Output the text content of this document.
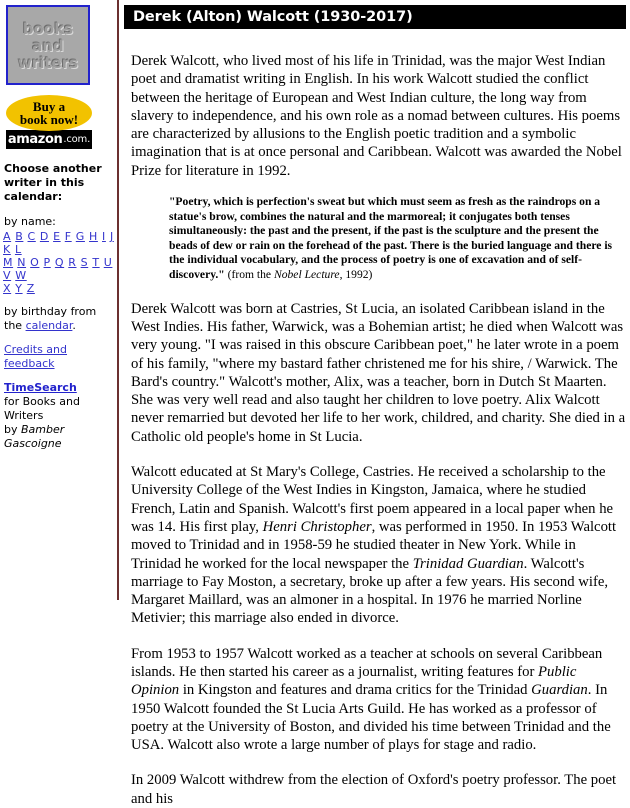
books
and
writers
Buy a
book now!
amazon .com.
Choose another writer in this calendar:
by name:
A B C D E F G H I J K L
M N O P Q R S T U V W
X Y Z
by birthday from the calendar.
Credits and feedback
TimeSearch
for Books and Writers
by Bamber Gascoigne
Derek (Alton) Walcott (1930-2017)

Derek Walcott, who lived most of his life in Trinidad, was the major West Indian poet and dramatist writing in English. In his work Walcott studied the conflict between the heritage of European and West Indian culture, the long way from slavery to independence, and his own role as a nomad between cultures. His poems are characterized by allusions to the English poetic tradition and a symbolic imagination that is at once personal and Caribbean. Walcott was awarded the Nobel Prize for literature in 1992.

"Poetry, which is perfection's sweat but which must seem as fresh as the raindrops on a statue's brow, combines the natural and the marmoreal; it conjugates both tenses simultaneously: the past and the present, if the past is the sculpture and the present the beads of dew or rain on the forehead of the past. There is the buried language and there is the individual vocabulary, and the process of poetry is one of excavation and of self-discovery." (from the Nobel Lecture, 1992)

Derek Walcott was born at Castries, St Lucia, an isolated Caribbean island in the West Indies. His father, Warwick, was a Bohemian artist; he died when Walcott was very young. "I was raised in this obscure Caribbean poet," he later wrote in a poem of his family, "where my bastard father christened me for his shire, / Warwick. The Bard's country." Walcott's mother, Alix, was a teacher, born in Dutch St Maarten. She was very well read and also taught her children to love poetry. Alix Walcott never remarried but devoted her life to her work, childred, and charity. She died in a Catholic old people's home in St Lucia.

Walcott educated at St Mary's College, Castries. He received a scholarship to the University College of the West Indies in Kingston, Jamaica, where he studied French, Latin and Spanish. Walcott's first poem appeared in a local paper when he was 14. His first play, Henri Christopher, was performed in 1950. In 1953 Walcott moved to Trinidad and in 1958-59 he studied theater in New York. While in Trinidad he worked for the local newspaper the Trinidad Guardian. Walcott's marriage to Fay Moston, a secretary, broke up after a few years. His second wife, Margaret Maillard, was an almoner in a hospital. In 1976 he married Norline Metivier; this marriage also ended in divorce.

From 1953 to 1957 Walcott worked as a teacher at schools on several Caribbean islands. He then started his career as a journalist, writing features for Public Opinion in Kingston and features and drama critics for the Trinidad Guardian. In 1950 Walcott founded the St Lucia Arts Guild. He has worked as a professor of poetry at the University of Boston, and divided his time between Trinidad and the USA. Walcott also wrote a large number of plays for stage and radio.

In 2009 Walcott withdrew from the election of Oxford's poetry professor. The poet and his
